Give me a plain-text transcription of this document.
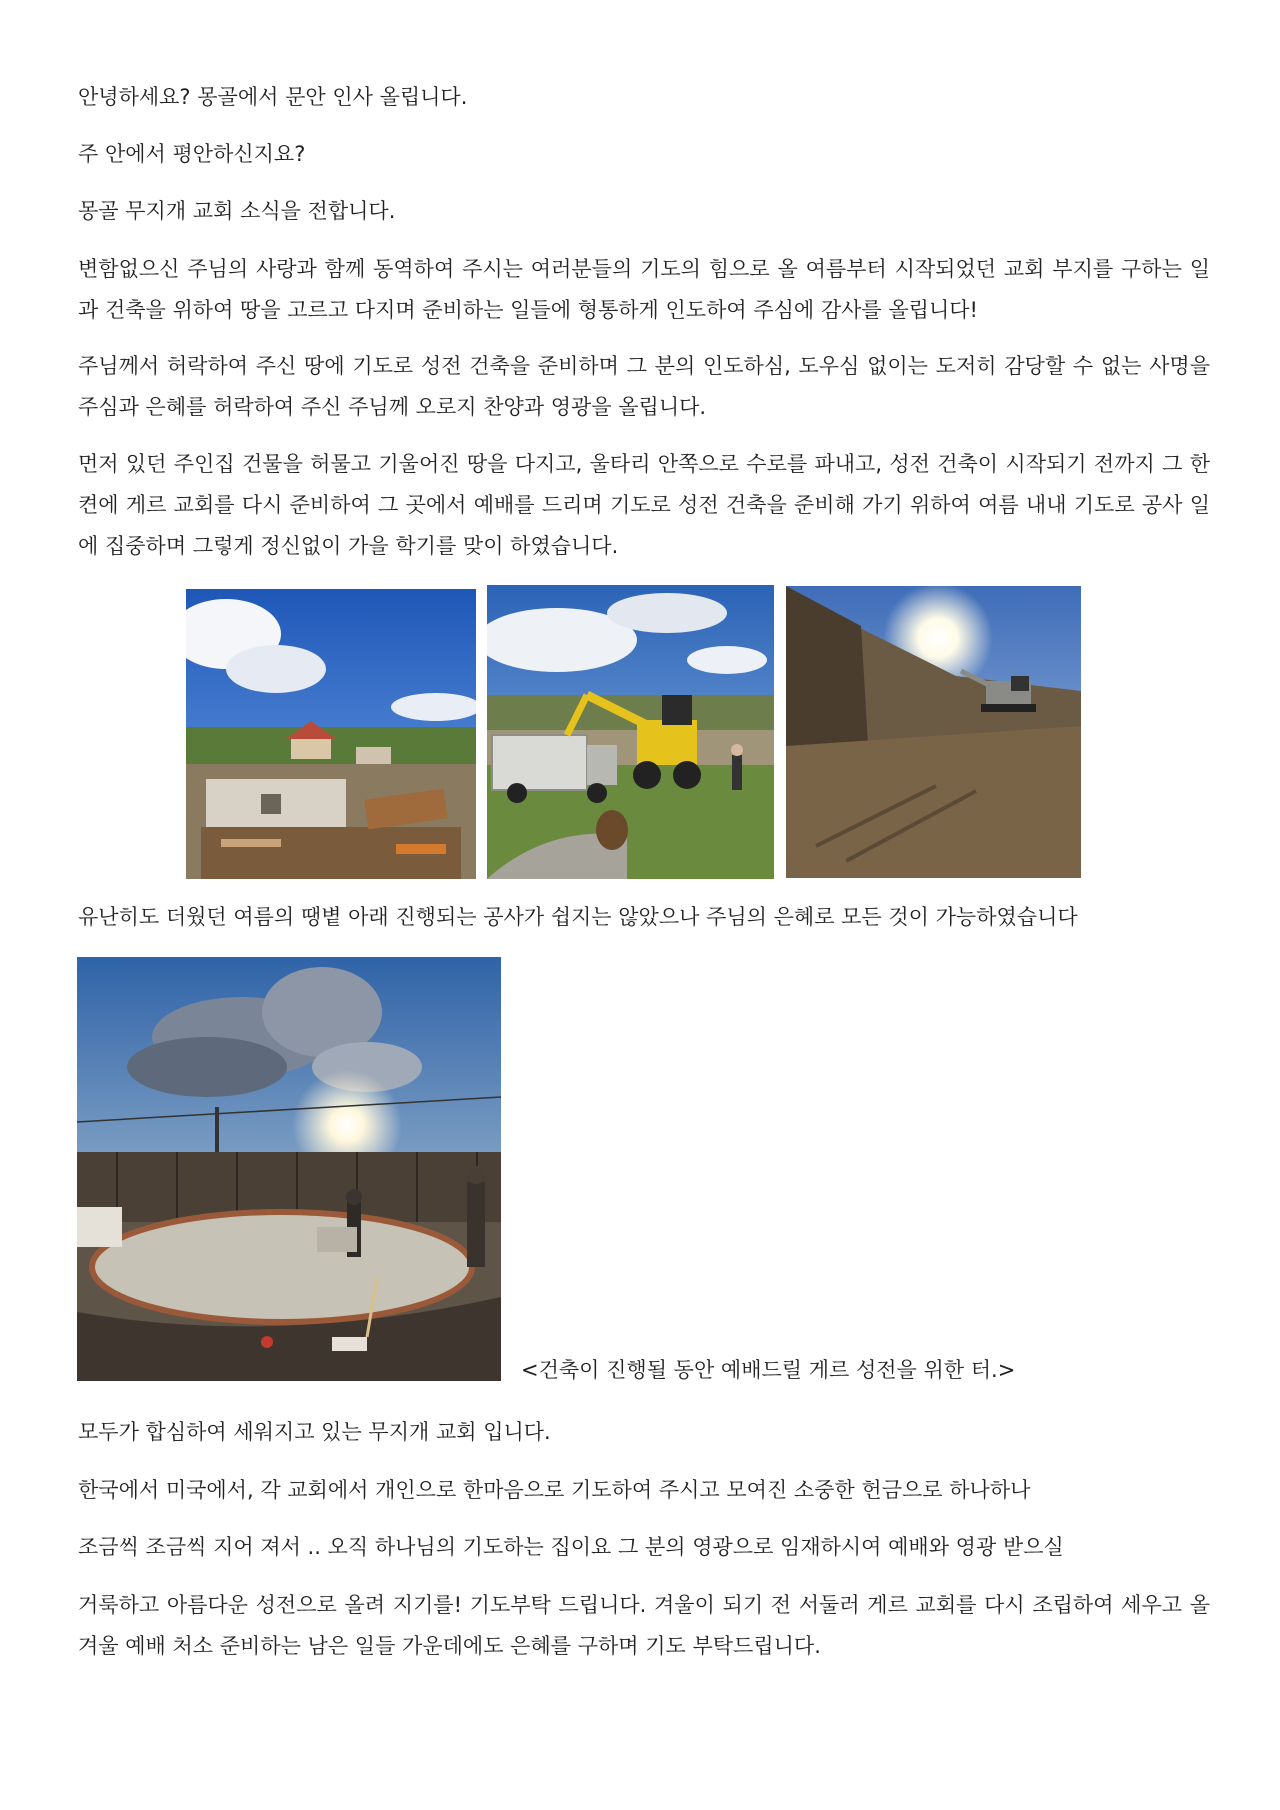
안녕하세요? 몽골에서 문안 인사 올립니다.

주 안에서 평안하신지요?

몽골 무지개 교회 소식을 전합니다.

변함없으신 주님의 사랑과 함께 동역하여 주시는 여러분들의 기도의 힘으로 올 여름부터 시작되었던 교회 부지를 구하는 일과 건축을 위하여 땅을 고르고 다지며 준비하는 일들에 형통하게 인도하여 주심에 감사를 올립니다!

주님께서 허락하여 주신 땅에 기도로 성전 건축을 준비하며 그 분의 인도하심, 도우심 없이는 도저히 감당할 수 없는 사명을 주심과 은혜를 허락하여 주신 주님께 오로지 찬양과 영광을 올립니다.

먼저 있던 주인집 건물을 허물고 기울어진 땅을 다지고, 울타리 안쪽으로 수로를 파내고, 성전 건축이 시작되기 전까지 그 한 켠에 게르 교회를 다시 준비하여 그 곳에서 예배를 드리며 기도로 성전 건축을 준비해 가기 위하여 여름 내내 기도로 공사 일에 집중하며 그렇게 정신없이 가을 학기를 맞이 하였습니다.

유난히도 더웠던 여름의 땡볕 아래 진행되는 공사가 쉽지는 않았으나 주님의 은혜로 모든 것이 가능하였습니다

<건축이 진행될 동안 예배드릴 게르 성전을 위한 터.>

모두가 합심하여 세워지고 있는 무지개 교회 입니다.

한국에서 미국에서, 각 교회에서 개인으로 한마음으로 기도하여 주시고 모여진 소중한 헌금으로 하나하나

조금씩 조금씩 지어 져서 .. 오직 하나님의 기도하는 집이요 그 분의 영광으로 임재하시여 예배와 영광 받으실

거룩하고 아름다운 성전으로 올려 지기를! 기도부탁 드립니다. 겨울이 되기 전 서둘러 게르 교회를 다시 조립하여 세우고 올 겨울 예배 처소 준비하는 남은 일들 가운데에도 은혜를 구하며 기도 부탁드립니다.
